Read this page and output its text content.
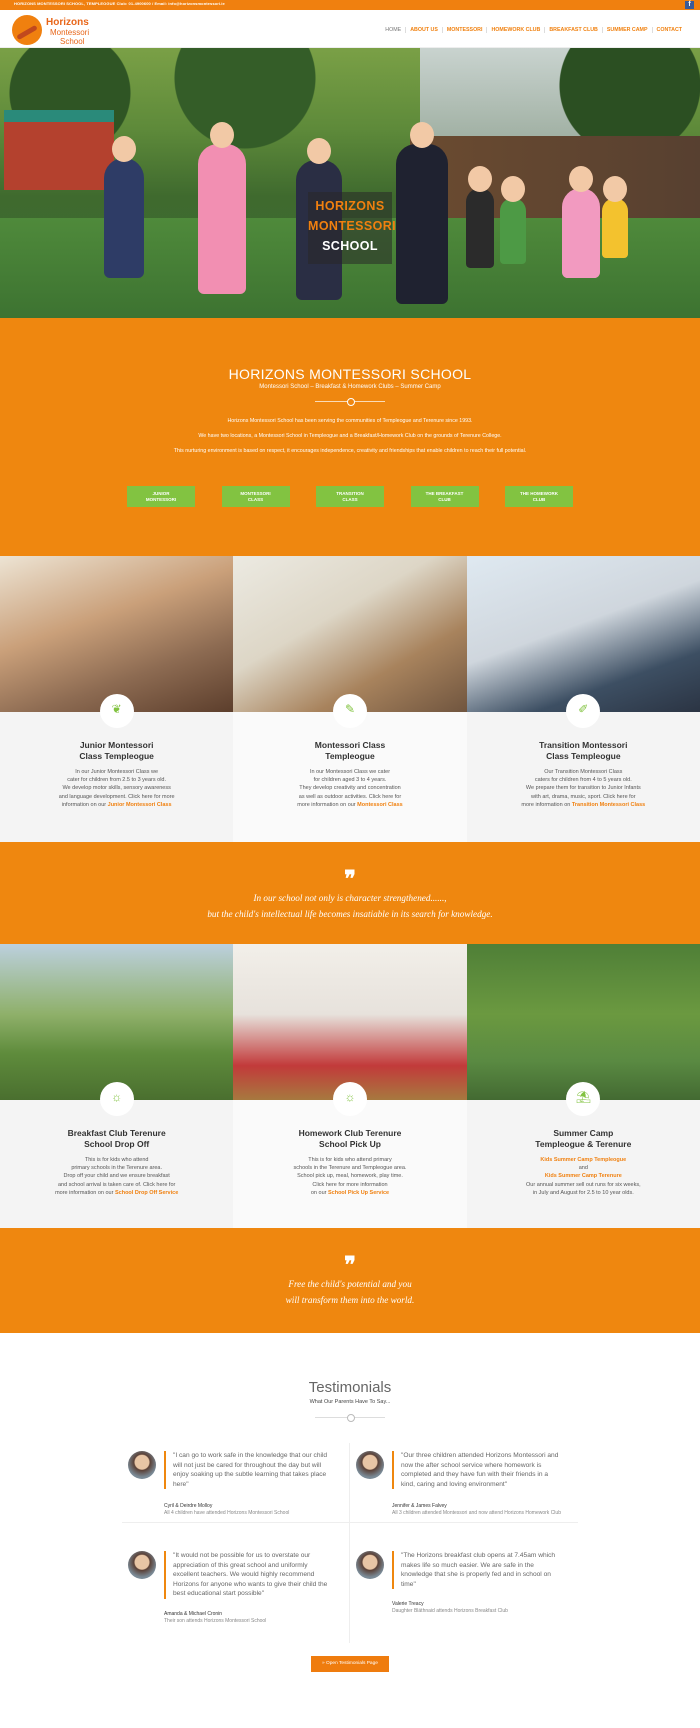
HORIZONS MONTESSORI SCHOOL, TEMPLEOGUE Club: 01-4900600 / Email: info@horizonsmontessori.ie	f
Horizons
Montessori
School
HOME	ABOUT US	MONTESSORI	HOMEWORK CLUB	BREAKFAST CLUB	SUMMER CAMP	CONTACT
HORIZONS
MONTESSORI
SCHOOL
HORIZONS MONTESSORI SCHOOL
Montessori School – Breakfast & Homework Clubs – Summer Camp

Horizons Montessori School has been serving the communities of Templeogue and Terenure since 1993.

We have two locations, a Montessori School in Templeogue and a Breakfast/Homework Club on the grounds of Terenure College.

This nurturing environment is based on respect, it encourages independence, creativity and friendships that enable children to reach their full potential.

JUNIOR
MONTESSORI
MONTESSORI
CLASS
TRANSITION
CLASS
THE BREAKFAST
CLUB
THE HOMEWORK
CLUB
Junior Montessori
Class Templeogue
In our Junior Montessori Class we
cater for children from 2.5 to 3 years old.
We develop motor skills, sensory awareness
and language development. Click here for more
information on our Junior Montessori Class
❦
Montessori Class
Templeogue
In our Montessori Class we cater
for children aged 3 to 4 years.
They develop creativity and concentration
as well as outdoor activities. Click here for
more information on our Montessori Class
✎
Transition Montessori
Class Templeogue
Our Transition Montessori Class
caters for children from 4 to 5 years old.
We prepare them for transition to Junior Infants
with art, drama, music, sport. Click here for
more information on Transition Montessori Class
✐
❞
In our school not only is character strengthened......,
but the child's intellectual life becomes insatiable in its search for knowledge.
Breakfast Club Terenure
School Drop Off
This is for kids who attend
primary schools in the Terenure area.
Drop off your child and we ensure breakfast
and school arrival is taken care of. Click here for
more information on our School Drop Off Service
☼
Homework Club Terenure
School Pick Up
This is for kids who attend primary
schools in the Terenure and Templeogue area.
School pick up, meal, homework, play time.
Click here for more information
on our School Pick Up Service
☼
Summer Camp
Templeogue & Terenure
Kids Summer Camp Templeogue
and
Kids Summer Camp Terenure
Our annual summer sell out runs for six weeks,
in July and August for 2.5 to 10 year olds.
⛱
❞
Free the child's potential and you
will transform them into the world.
Testimonials
What Our Parents Have To Say...
"I can go to work safe in the knowledge that our child will not just be cared for throughout the day but will enjoy soaking up the subtle learning that takes place here"
Cyril & Deirdre Molloy
All 4 children have attended Horizons Montessori School
"Our three children attended Horizons Montessori and now the after school service where homework is completed and they have fun with their friends in a kind, caring and loving environment"
Jennifer & James Falvey
All 3 children attended Montessori and now attend Horizons Homework Club
"It would not be possible for us to overstate our appreciation of this great school and uniformly excellent teachers. We would highly recommend Horizons for anyone who wants to give their child the best educational start possible"
Amanda & Michael Cronin
Their son attends Horizons Montessori School
"The Horizons breakfast club opens at 7.45am which makes life so much easier. We are safe in the knowledge that she is properly fed and in school on time"
Valerie Treacy
Daughter Bláthnaid attends Horizons Breakfast Club
» Open Testimonials Page
